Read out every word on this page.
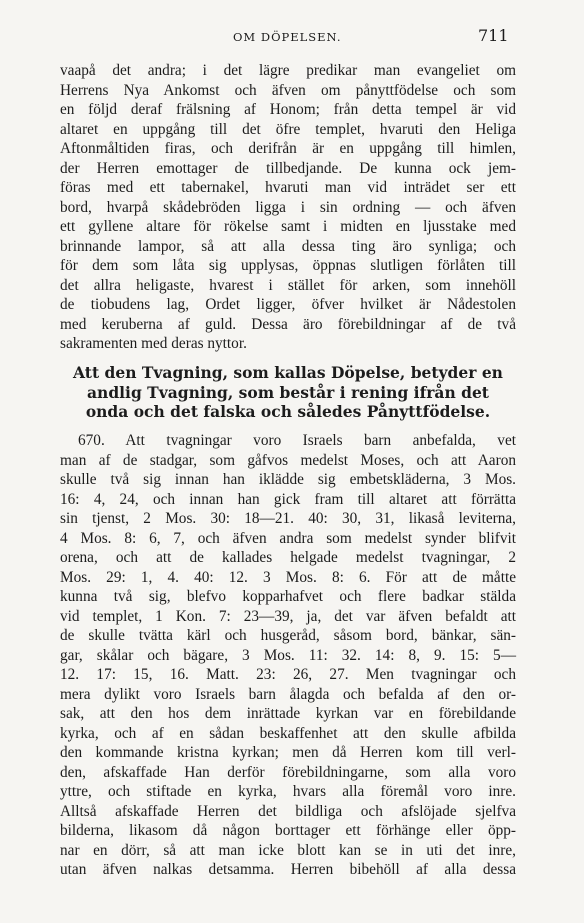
OM DÖPELSEN.	711

vaapå det andra; i det lägre predikar man evangeliet om
Herrens Nya Ankomst och äfven om pånyttfödelse och som
en följd deraf frälsning af Honom; från detta tempel är vid
altaret en uppgång till det öfre templet, hvaruti den Heliga
Aftonmåltiden firas, och derifrån är en uppgång till himlen,
der Herren emottager de tillbedjande. De kunna ock jem-
föras med ett tabernakel, hvaruti man vid inträdet ser ett
bord, hvarpå skådebröden ligga i sin ordning — och äfven
ett gyllene altare för rökelse samt i midten en ljusstake med
brinnande lampor, så att alla dessa ting äro synliga; och
för dem som låta sig upplysas, öppnas slutligen förlåten till
det allra heligaste, hvarest i stället för arken, som innehöll
de tiobudens lag, Ordet ligger, öfver hvilket är Nådestolen
med keruberna af guld. Dessa äro förebildningar af de två
sakramenten med deras nyttor.

Att den Tvagning, som kallas Döpelse, betyder en
andlig Tvagning, som består i rening ifrån det
onda och det falska och således Pånyttfödelse.

670. Att tvagningar voro Israels barn anbefalda, vet
man af de stadgar, som gåfvos medelst Moses, och att Aaron
skulle två sig innan han iklädde sig embetskläderna, 3 Mos.
16: 4, 24, och innan han gick fram till altaret att förrätta
sin tjenst, 2 Mos. 30: 18—21. 40: 30, 31, likaså leviterna,
4 Mos. 8: 6, 7, och äfven andra som medelst synder blifvit
orena, och att de kallades helgade medelst tvagningar, 2
Mos. 29: 1, 4. 40: 12. 3 Mos. 8: 6. För att de måtte
kunna två sig, blefvo kopparhafvet och flere badkar stälda
vid templet, 1 Kon. 7: 23—39, ja, det var äfven befaldt att
de skulle tvätta kärl och husgeråd, såsom bord, bänkar, sän-
gar, skålar och bägare, 3 Mos. 11: 32. 14: 8, 9. 15: 5—
12. 17: 15, 16. Matt. 23: 26, 27. Men tvagningar och
mera dylikt voro Israels barn ålagda och befalda af den or-
sak, att den hos dem inrättade kyrkan var en förebildande
kyrka, och af en sådan beskaffenhet att den skulle afbilda
den kommande kristna kyrkan; men då Herren kom till verl-
den, afskaffade Han derför förebildningarne, som alla voro
yttre, och stiftade en kyrka, hvars alla föremål voro inre.
Alltså afskaffade Herren det bildliga och afslöjade sjelfva
bilderna, likasom då någon borttager ett förhänge eller öpp-
nar en dörr, så att man icke blott kan se in uti det inre,
utan äfven nalkas detsamma. Herren bibehöll af alla dessa
